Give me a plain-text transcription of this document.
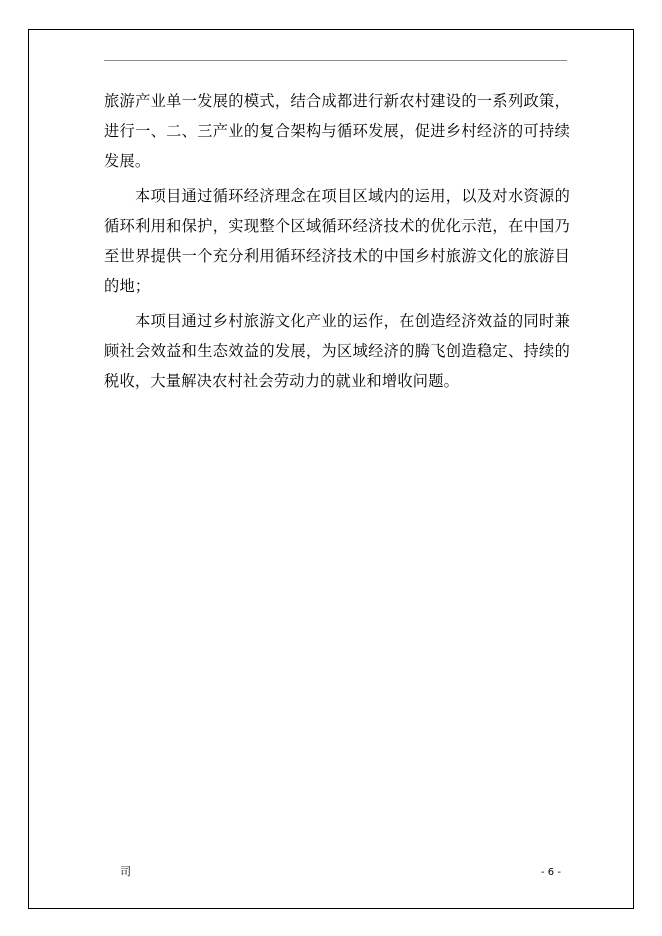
旅游产业单一发展的模式，结合成都进行新农村建设的一系列政策，进行一、二、三产业的复合架构与循环发展，促进乡村经济的可持续发展。

本项目通过循环经济理念在项目区域内的运用，以及对水资源的循环利用和保护，实现整个区域循环经济技术的优化示范，在中国乃至世界提供一个充分利用循环经济技术的中国乡村旅游文化的旅游目的地；

本项目通过乡村旅游文化产业的运作，在创造经济效益的同时兼顾社会效益和生态效益的发展，为区域经济的腾飞创造稳定、持续的税收，大量解决农村社会劳动力的就业和增收问题。

司	- 6 -
